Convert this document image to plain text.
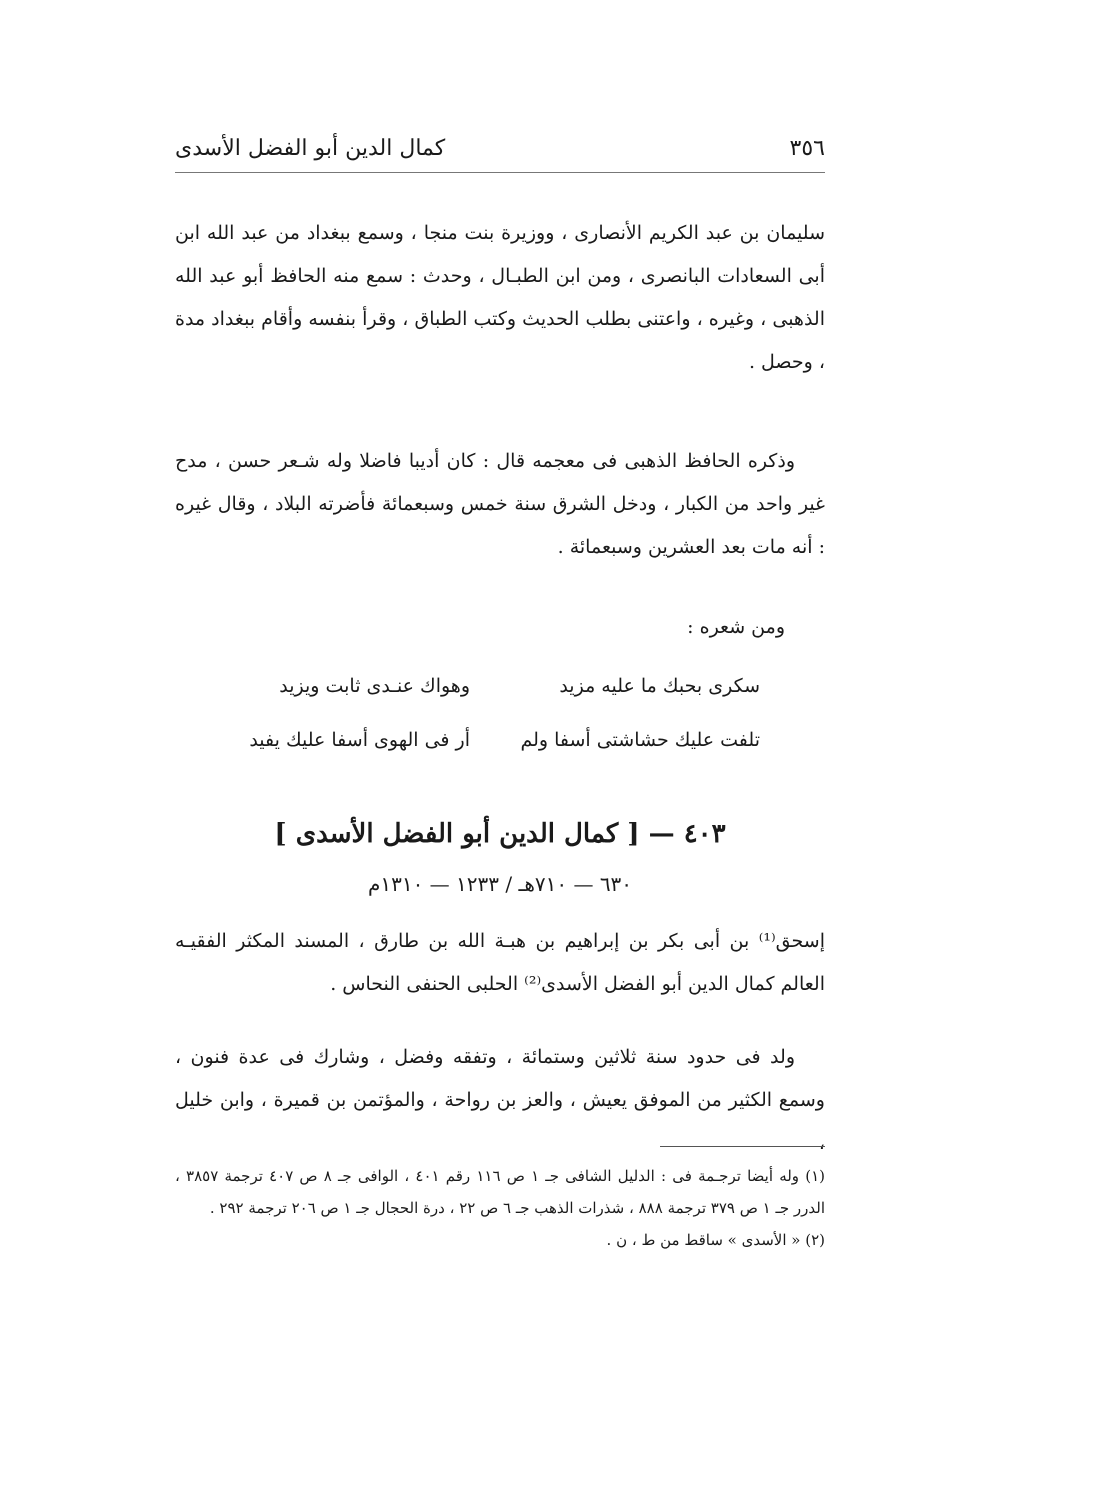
٣٥٦
كمال الدين أبو الفضل الأسدى

سليمان بن عبد الكريم الأنصارى ، ووزيرة بنت منجا ، وسمع ببغداد من عبد الله ابن أبى السعادات البانصرى ، ومن ابن الطبـال ، وحدث : سمع منه الحافظ أبو عبد الله الذهبى ، وغيره ، واعتنى بطلب الحديث وكتب الطباق ، وقرأ بنفسه وأقام ببغداد مدة ، وحصل .

وذكره الحافظ الذهبى فى معجمه قال : كان أديبا فاضلا وله شـعر حسن ، مدح غير واحد من الكبار ، ودخل الشرق سنة خمس وسبعمائة فأضرته البلاد ، وقال غيره : أنه مات بعد العشرين وسبعمائة .

ومن شعره :
سكرى بحبك ما عليه مزيد
وهواك عنـدى ثابت ويزيد
تلفت عليك حشاشتى أسفا ولم
أر فى الهوى أسفا عليك يفيد
٤٠٣ — [ كمال الدين أبو الفضل الأسدى ]
٦٣٠ — ٧١٠هـ / ١٢٣٣ — ١٣١٠م

إسحق⁽¹⁾ بن أبى بكر بن إبراهيم بن هبـة الله بن طارق ، المسند المكثر الفقيـه العالم كمال الدين أبو الفضل الأسدى⁽²⁾ الحلبى الحنفى النحاس .

ولد فى حدود سنة ثلاثين وستمائة ، وتفقه وفضل ، وشارك فى عدة فنون ، وسمع الكثير من الموفق يعيش ، والعز بن رواحة ، والمؤتمن بن قميرة ، وابن خليل ،

(١) وله أيضا ترجـمة فى : الدليل الشافى جـ ١ ص ١١٦ رقم ٤٠١ ، الوافى جـ ٨ ص ٤٠٧ ترجمة ٣٨٥٧ ، الدرر جـ ١ ص ٣٧٩ ترجمة ٨٨٨ ، شذرات الذهب جـ ٦ ص ٢٢ ، درة الحجال جـ ١ ص ٢٠٦ ترجمة ٢٩٢ .

(٢) « الأسدى » ساقط من ط ، ن .
